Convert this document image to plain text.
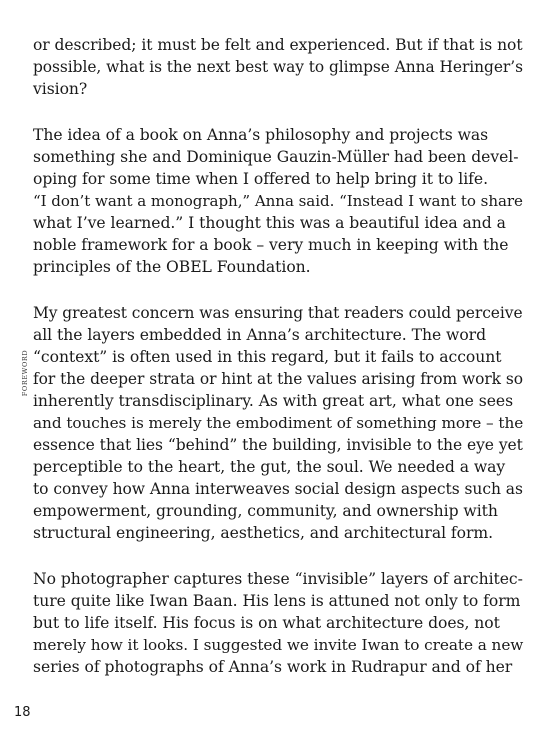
FOREWORD

or described; it must be felt and experienced. But if that is not
possible, what is the next best way to glimpse Anna Heringer’s
vision?

The idea of a book on Anna’s philosophy and projects was
something she and Dominique Gauzin-Müller had been devel-
oping for some time when I offered to help bring it to life.
“I don’t want a monograph,” Anna said. “Instead I want to share
what I’ve learned.” I thought this was a beautiful idea and a
noble framework for a book – very much in keeping with the
principles of the OBEL Foundation.

My greatest concern was ensuring that readers could perceive
all the layers embedded in Anna’s architecture. The word
“context” is often used in this regard, but it fails to account
for the deeper strata or hint at the values arising from work so
inherently transdisciplinary. As with great art, what one sees
and touches is merely the embodiment of something more – the
essence that lies “behind” the building, invisible to the eye yet
perceptible to the heart, the gut, the soul. We needed a way
to convey how Anna interweaves social design aspects such as
empowerment, grounding, community, and ownership with
structural engineering, aesthetics, and architectural form.

No photographer captures these “invisible” layers of architec-
ture quite like Iwan Baan. His lens is attuned not only to form
but to life itself. His focus is on what architecture does, not
merely how it looks. I suggested we invite Iwan to create a new
series of photographs of Anna’s work in Rudrapur and of her

18
